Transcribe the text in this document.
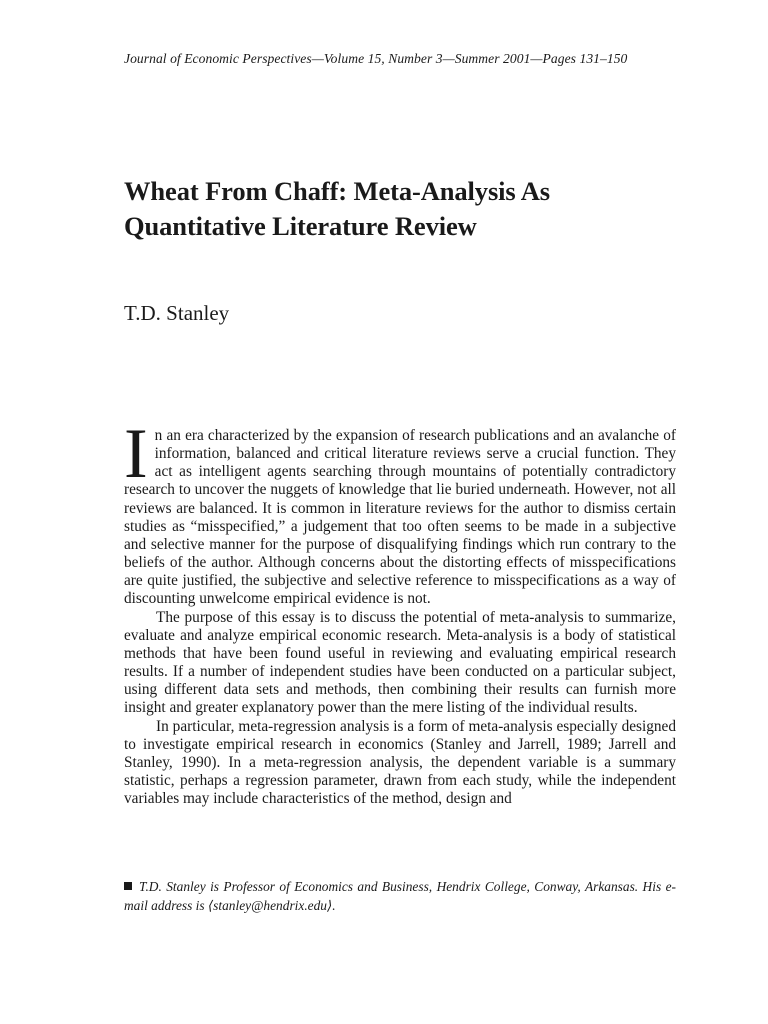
Journal of Economic Perspectives—Volume 15, Number 3—Summer 2001—Pages 131–150
Wheat From Chaff: Meta-Analysis As
Quantitative Literature Review
T.D. Stanley

In an era characterized by the expansion of research publications and an avalanche of information, balanced and critical literature reviews serve a crucial function. They act as intelligent agents searching through mountains of potentially contradictory research to uncover the nuggets of knowledge that lie buried underneath. However, not all reviews are balanced. It is common in literature reviews for the author to dismiss certain studies as “misspecified,” a judgement that too often seems to be made in a subjective and selective manner for the purpose of disqualifying findings which run contrary to the beliefs of the author. Although concerns about the distorting effects of misspecifications are quite justified, the subjective and selective reference to misspecifications as a way of discounting unwelcome empirical evidence is not.

The purpose of this essay is to discuss the potential of meta-analysis to summarize, evaluate and analyze empirical economic research. Meta-analysis is a body of statistical methods that have been found useful in reviewing and evaluating empirical research results. If a number of independent studies have been conducted on a particular subject, using different data sets and methods, then combining their results can furnish more insight and greater explanatory power than the mere listing of the individual results.

In particular, meta-regression analysis is a form of meta-analysis especially designed to investigate empirical research in economics (Stanley and Jarrell, 1989; Jarrell and Stanley, 1990). In a meta-regression analysis, the dependent variable is a summary statistic, perhaps a regression parameter, drawn from each study, while the independent variables may include characteristics of the method, design and

T.D. Stanley is Professor of Economics and Business, Hendrix College, Conway, Arkansas. His e-mail address is ⟨stanley@hendrix.edu⟩.
